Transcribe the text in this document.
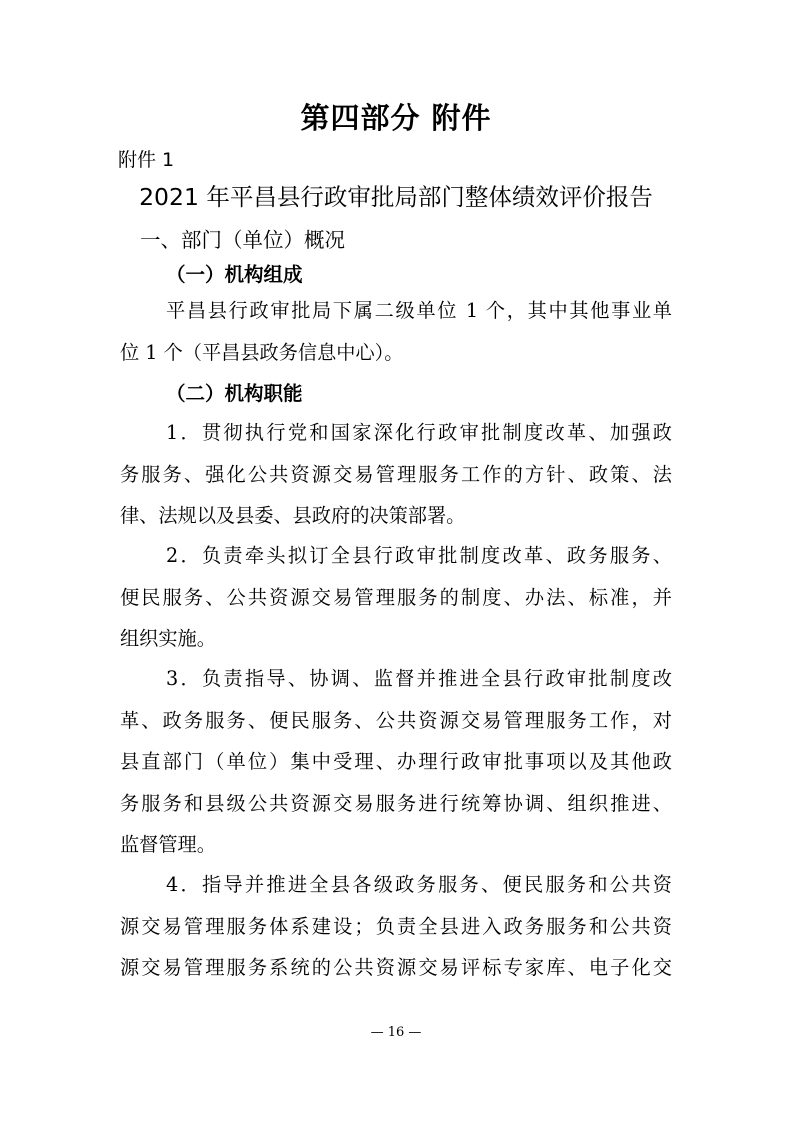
第四部分 附件
附件 1
2021 年平昌县行政审批局部门整体绩效评价报告
一、部门（单位）概况
（一）机构组成
平昌县行政审批局下属二级单位 1 个，其中其他事业单
位 1 个（平昌县政务信息中心）。
（二）机构职能
1．贯彻执行党和国家深化行政审批制度改革、加强政
务服务、强化公共资源交易管理服务工作的方针、政策、法
律、法规以及县委、县政府的决策部署。
2．负责牵头拟订全县行政审批制度改革、政务服务、
便民服务、公共资源交易管理服务的制度、办法、标准，并
组织实施。
3．负责指导、协调、监督并推进全县行政审批制度改
革、政务服务、便民服务、公共资源交易管理服务工作，对
县直部门（单位）集中受理、办理行政审批事项以及其他政
务服务和县级公共资源交易服务进行统筹协调、组织推进、
监督管理。
4．指导并推进全县各级政务服务、便民服务和公共资
源交易管理服务体系建设；负责全县进入政务服务和公共资
源交易管理服务系统的公共资源交易评标专家库、电子化交
— 16 —
